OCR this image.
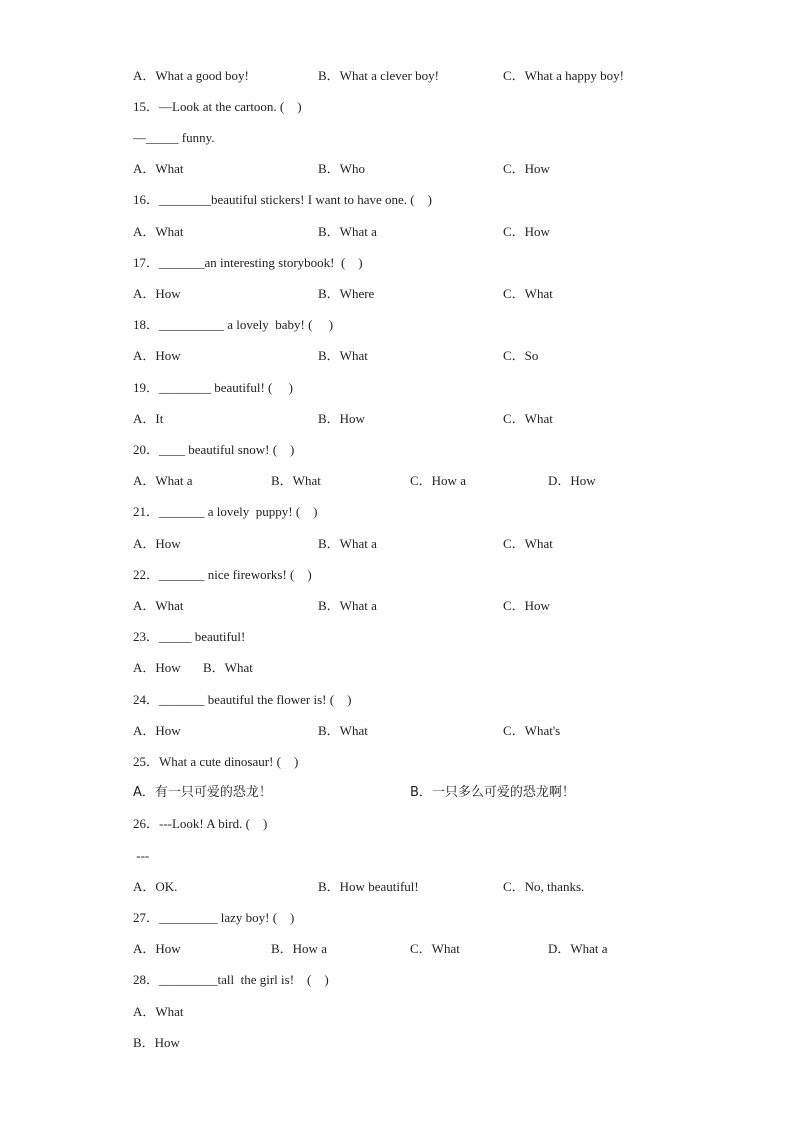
A．What a good boy!	B．What a clever boy!	C．What a happy boy!
15．—Look at the cartoon. (    )
—_____ funny.
A．What	B．Who	C．How
16．________beautiful stickers! I want to have one. (    )
A．What	B．What a	C．How
17．_______an interesting storybook!  (    )
A．How	B．Where	C．What
18．__________ a lovely  baby! (     )
A．How	B．What	C．So
19．________ beautiful! (     )
A．It	B．How	C．What
20．____ beautiful snow! (    )
A．What a	B．What	C．How a	D．How
21．_______ a lovely  puppy! (    )
A．How	B．What a	C．What
22．_______ nice fireworks! (    )
A．What	B．What a	C．How
23．_____ beautiful!
A．How B．What
24．_______ beautiful the flower is! (    )
A．How	B．What	C．What's
25．What a cute dinosaur! (    )
A．有一只可爱的恐龙！	B．一只多么可爱的恐龙啊！
26．---Look! A bird. (    )
---
A．OK.	B．How beautiful!	C．No, thanks.
27．_________ lazy boy! (    )
A．How	B．How a	C．What	D．What a
28．_________tall  the girl is!    (    )
A．What
B．How
